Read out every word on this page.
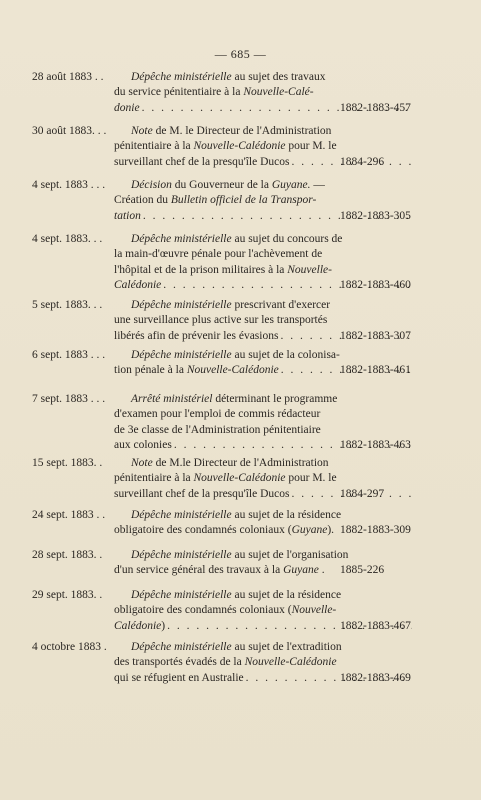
— 685 —
28 août 1883 . .	Dépêche ministérielle au sujet des travaux
du service pénitentiaire à la Nouvelle-Calé-
donie . . .	1882-1883-457
30 août 1883. . .	Note de M. le Directeur de l'Administration
pénitentiaire à la Nouvelle-Calédonie pour M. le
surveillant chef de la presqu'île Ducos . . .	1884-296
4 sept. 1883 . . .	Décision du Gouverneur de la Guyane. —
Création du Bulletin officiel de la Transpor-
tation . . .	1882-1883-305
4 sept. 1883. . .	Dépêche ministérielle au sujet du concours de
la main-d'œuvre pénale pour l'achèvement de
l'hôpital et de la prison militaires à la Nouvelle-
Calédonie . . .	1882-1883-460
5 sept. 1883. . .	Dépêche ministérielle prescrivant d'exercer
une surveillance plus active sur les transportés
libérés afin de prévenir les évasions . . .	1882-1883-307
6 sept. 1883 . . .	Dépêche ministérielle au sujet de la colonisa-
tion pénale à la Nouvelle-Calédonie . . .	1882-1883-461
7 sept. 1883 . . .	Arrêté ministériel déterminant le programme
d'examen pour l'emploi de commis rédacteur
de 3e classe de l'Administration pénitentiaire
aux colonies . . .	1882-1883-463
15 sept. 1883. .	Note de M.le Directeur de l'Administration
pénitentiaire à la Nouvelle-Calédonie pour M. le
surveillant chef de la presqu'île Ducos . . .	1884-297
24 sept. 1883 . .	Dépêche ministérielle au sujet de la résidence
obligatoire des condamnés coloniaux (Guyane). 1882-1883-309
28 sept. 1883. .	Dépêche ministérielle au sujet de l'organisation
d'un service général des travaux à la Guyane .	1885-226
29 sept. 1883. .	Dépêche ministérielle au sujet de la résidence
obligatoire des condamnés coloniaux (Nouvelle-
Calédonie) . . .	1882-1883-467
4 octobre 1883 .	Dépêche ministérielle au sujet de l'extradition
des transportés évadés de la Nouvelle-Calédonie
qui se réfugient en Australie . . .	1882-1883-469
